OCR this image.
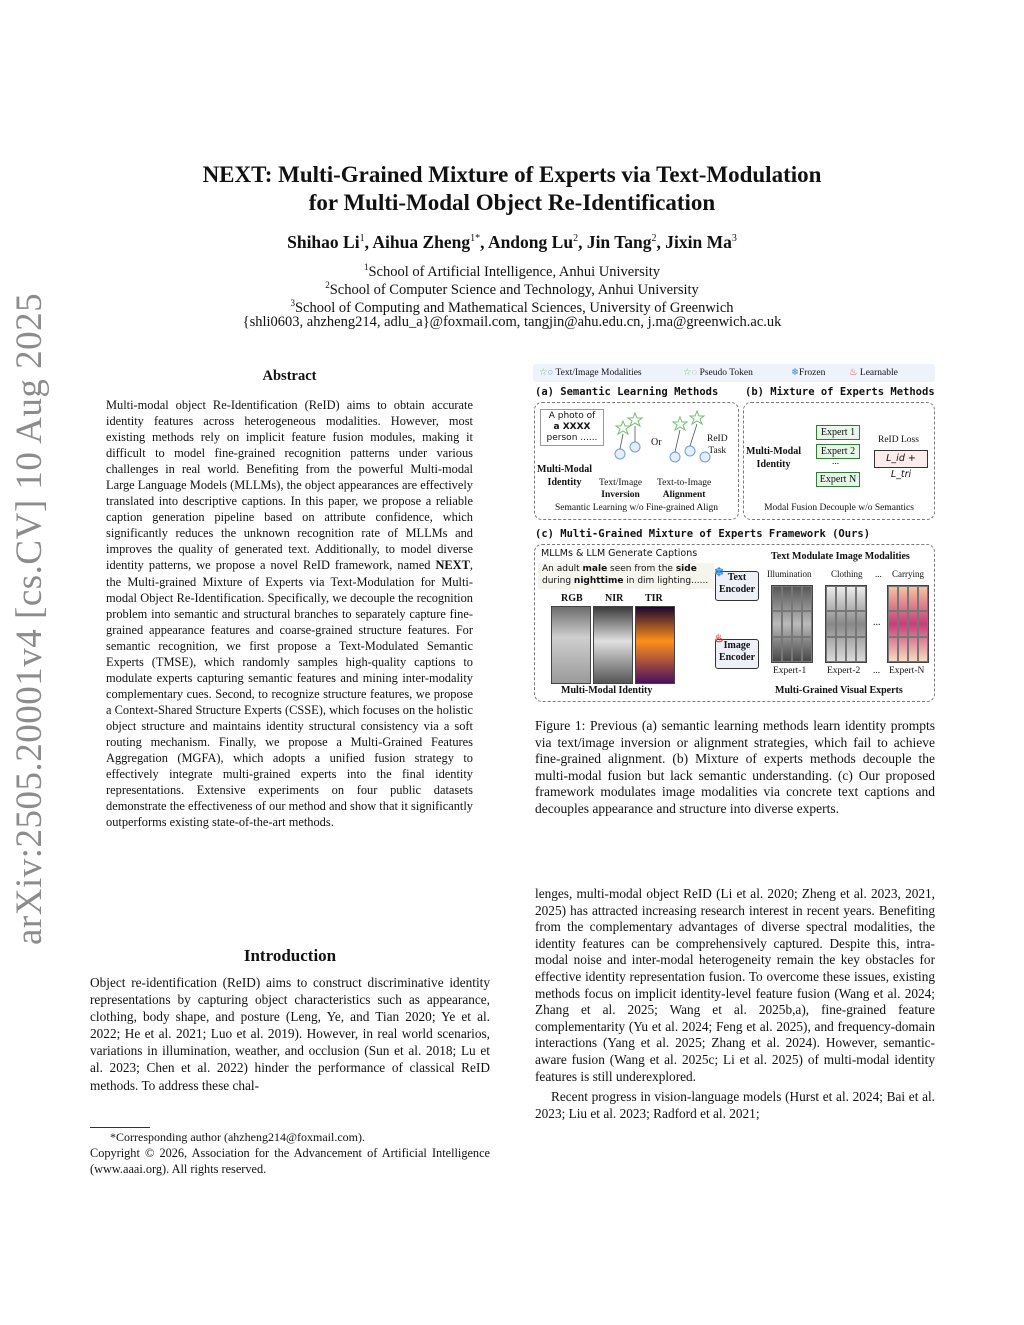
arXiv:2505.20001v4 [cs.CV] 10 Aug 2025
NEXT: Multi-Grained Mixture of Experts via Text-Modulation
for Multi-Modal Object Re-Identification
Shihao Li$^1$, Aihua Zheng$^{1*}$, Andong Lu$^2$, Jin Tang$^2$, Jixin Ma$^3$
$^1$School of Artificial Intelligence, Anhui University
$^2$School of Computer Science and Technology, Anhui University
$^3$School of Computing and Mathematical Sciences, University of Greenwich
{shli0603, ahzheng214, adlu_a}@foxmail.com, tangjin@ahu.edu.cn, j.ma@greenwich.ac.uk
Abstract
Multi-modal object Re-Identification (ReID) aims to obtain accurate identity features across heterogeneous modalities. However, most existing methods rely on implicit feature fusion modules, making it difficult to model fine-grained recognition patterns under various challenges in real world. Benefiting from the powerful Multi-modal Large Language Models (MLLMs), the object appearances are effectively translated into descriptive captions. In this paper, we propose a reliable caption generation pipeline based on attribute confidence, which significantly reduces the unknown recognition rate of MLLMs and improves the quality of generated text. Additionally, to model diverse identity patterns, we propose a novel ReID framework, named NEXT, the Multi-grained Mixture of Experts via Text-Modulation for Multi-modal Object Re-Identification. Specifically, we decouple the recognition problem into semantic and structural branches to separately capture fine-grained appearance features and coarse-grained structure features. For semantic recognition, we first propose a Text-Modulated Semantic Experts (TMSE), which randomly samples high-quality captions to modulate experts capturing semantic features and mining inter-modality complementary cues. Second, to recognize structure features, we propose a Context-Shared Structure Experts (CSSE), which focuses on the holistic object structure and maintains identity structural consistency via a soft routing mechanism. Finally, we propose a Multi-Grained Features Aggregation (MGFA), which adopts a unified fusion strategy to effectively integrate multi-grained experts into the final identity representations. Extensive experiments on four public datasets demonstrate the effectiveness of our method and show that it significantly outperforms existing state-of-the-art methods.
Introduction

Object re-identification (ReID) aims to construct discriminative identity representations by capturing object characteristics such as appearance, clothing, body shape, and posture (Leng, Ye, and Tian 2020; Ye et al. 2022; He et al. 2021; Luo et al. 2019). However, in real world scenarios, variations in illumination, weather, and occlusion (Sun et al. 2018; Lu et al. 2023; Chen et al. 2022) hinder the performance of classical ReID methods. To address these chal-

*Corresponding author (ahzheng214@foxmail.com).
Copyright © 2026, Association for the Advancement of Artificial Intelligence (www.aaai.org). All rights reserved.

lenges, multi-modal object ReID (Li et al. 2020; Zheng et al. 2023, 2021, 2025) has attracted increasing research interest in recent years. Benefiting from the complementary advantages of diverse spectral modalities, the identity features can be comprehensively captured. Despite this, intra-modal noise and inter-modal heterogeneity remain the key obstacles for effective identity representation fusion. To overcome these issues, existing methods focus on implicit identity-level feature fusion (Wang et al. 2024; Zhang et al. 2025; Wang et al. 2025b,a), fine-grained feature complementarity (Yu et al. 2024; Feng et al. 2025), and frequency-domain interactions (Yang et al. 2025; Zhang et al. 2024). However, semantic-aware fusion (Wang et al. 2025c; Li et al. 2025) of multi-modal identity features is still underexplored.

Recent progress in vision-language models (Hurst et al. 2024; Bai et al. 2023; Liu et al. 2023; Radford et al. 2021;

Figure 1: Previous (a) semantic learning methods learn identity prompts via text/image inversion or alignment strategies, which fail to achieve fine-grained alignment. (b) Mixture of experts methods decouple the multi-modal fusion but lack semantic understanding. (c) Our proposed framework modulates image modalities via concrete text captions and decouples appearance and structure into diverse experts.
☆○ Text/Image Modalities	☆◌ Pseudo Token	❄Frozen ♨ Learnable
(a) Semantic Learning Methods
A photo of
a XXXX
person ......
Multi-Modal
Identity
Or	ReID
Task
Text/Image
Inversion
Text-to-Image
Alignment
Semantic Learning w/o Fine-grained Align
(b) Mixture of Experts Methods
Multi-Modal
Identity
Expert 1
Expert 2
...
Expert N
ReID Loss
L_id + L_tri
Modal Fusion Decouple w/o Semantics
(c) Multi-Grained Mixture of Experts Framework (Ours)
MLLMs & LLM Generate Captions
An adult male seen from the side
during nighttime in dim lighting......
RGB NIR TIR
❄ Text
Encoder
♨
Image
Encoder
Text Modulate Image Modalities
Illumination Clothing ... Carrying
...
Expert-1 Expert-2 ... Expert-N
Multi-Modal Identity	Multi-Grained Visual Experts
